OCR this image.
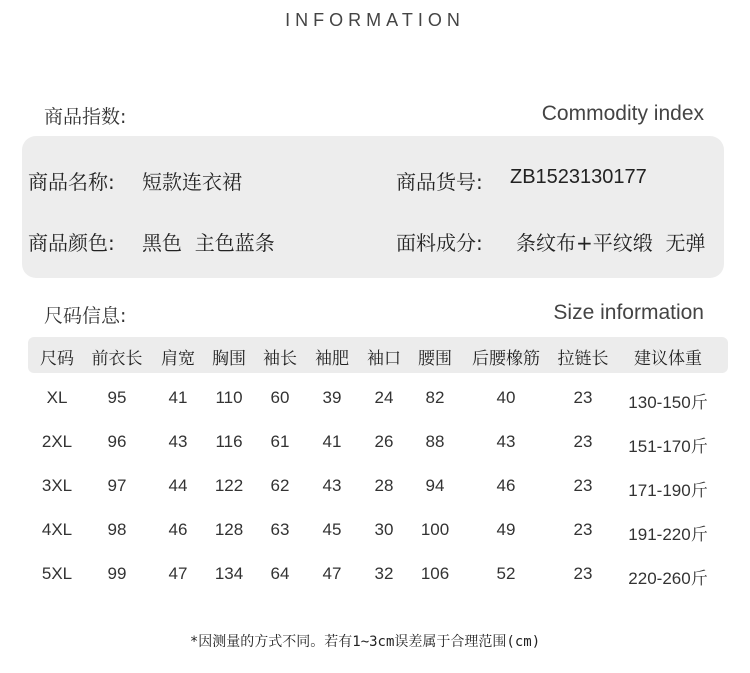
INFORMATION
商品指数:	Commodity index
商品名称: 短款连衣裙	商品货号: ZB1523130177
商品颜色: 黑色  主色蓝条	面料成分: 条纹布+平纹缎  无弹
尺码信息:	Size information
尺码 前衣长 肩宽 胸围 袖长 袖肥 袖口 腰围 后腰橡筋 拉链长 建议体重
XL 95 41 110 60 39 24 82	40	23 130-150斤
2XL 96 43 116 61 41 26 88	43	23 151-170斤
3XL 97 44 122 62 43 28 94	46	23 171-190斤
4XL 98 46 128 63 45 30 100	49	23 191-220斤
5XL 99 47 134 64 47 32 106	52	23 220-260斤
*因测量的方式不同。若有1~3cm误差属于合理范围(cm)
